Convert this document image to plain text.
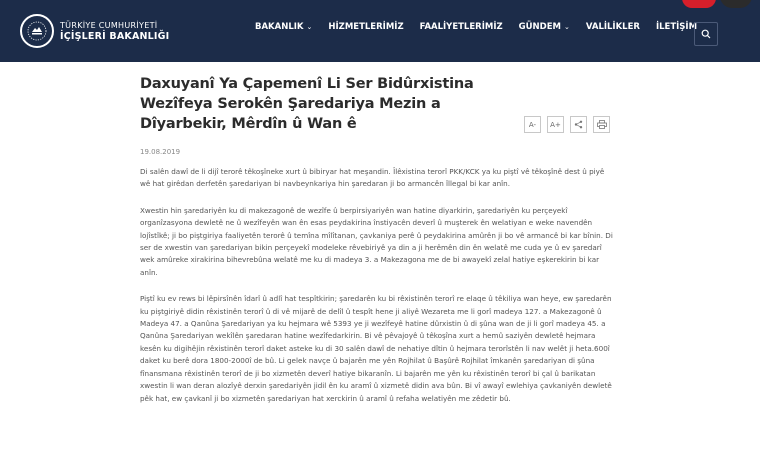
TÜRKİYE CUMHURİYETİ
İÇİŞLERİ BAKANLIĞI
BAKANLIK ⌄ HİZMETLERİMİZ FAALİYETLERİMİZ GÜNDEM ⌄ VALİLİKLER İLETİŞİM
Daxuyanî Ya Çapemenî Li Ser Bidûrxistina Wezîfeya Serokên Şaredariya Mezin a Dîyarbekir, Mêrdîn û Wan ê	A- A+
19.08.2019

Di salên dawî de li dijî terorê têkoşîneke xurt û bibiryar hat meşandin. Îlêxistina terorî PKK/KCK ya ku piştî vê têkoşînê dest û piyê wê hat girêdan derfetên şaredariyan bi navbeynkariya hin şaredaran ji bo armancên îllegal bi kar anîn.

Xwestin hin şaredariyên ku di makezagonê de wezîfe û berpirsiyariyên wan hatine diyarkirin, şaredariyên ku perçeyekî organîzasyona dewletê ne û wezîfeyên wan ên esas peydakirina înstiyacên deverî û muşterek ên welatiyan e weke navendên lojîstîkê; ji bo piştgiriya faaliyetên terorê û temîna mîlîtanan, çavkaniya perê û peydakirina amûrên ji bo vê armancê bi kar bînin. Di ser de xwestin van şaredariyan bikin perçeyekî modeleke rêvebiriyê ya din a ji herêmên din ên welatê me cuda ye û ev şaredarî wek amûreke xirakirina bihevrebûna welatê me ku di madeya 3. a Makezagona me de bi awayekî zelal hatiye eşkerekirin bi kar anîn.

Piştî ku ev rews bi lêpirsînên îdarî û adlî hat tespîtkirin; şaredarên ku bi rêxistinên terorî re elaqe û têkiliya wan heye, ew şaredarên ku piştgiriyê didin rêxistinên terorî û di vê mijarê de delîl û tespît hene ji aliyê Wezareta me li gorî madeya 127. a Makezagonê û Madeya 47. a Qanûna Şaredariyan ya ku hejmara wê 5393 ye ji wezîfeyê hatine dûrxistin û di şûna wan de ji li gorî madeya 45. a Qanûna Şaredariyan wekîlên şaredaran hatine wezîfedarkirin. Bi vê pêvajoyê û têkoşîna xurt a hemû saziyên dewletê hejmara kesên ku digihêjin rêxistinên terorî daket asteke ku di 30 salên dawî de nehatiye dîtin û hejmara terorîstên li nav welêt ji heta.600î daket ku berê dora 1800-2000î de bû. Li gelek navçe û bajarên me yên Rojhilat û Başûrê Rojhilat îmkanên şaredariyan di şûna fînansmana rêxistinên terorî de ji bo xizmetên deverî hatiye bikaranîn. Li bajarên me yên ku rêxistinên terorî bi çal û barikatan xwestin li wan deran alozîyê derxin şaredariyên jidil ên ku aramî û xizmetê didin ava bûn. Bi vî awayî ewlehiya çavkaniyên dewletê pêk hat, ew çavkanî ji bo xizmetên şaredariyan hat xerckirin û aramî û refaha welatiyên me zêdetir bû.
